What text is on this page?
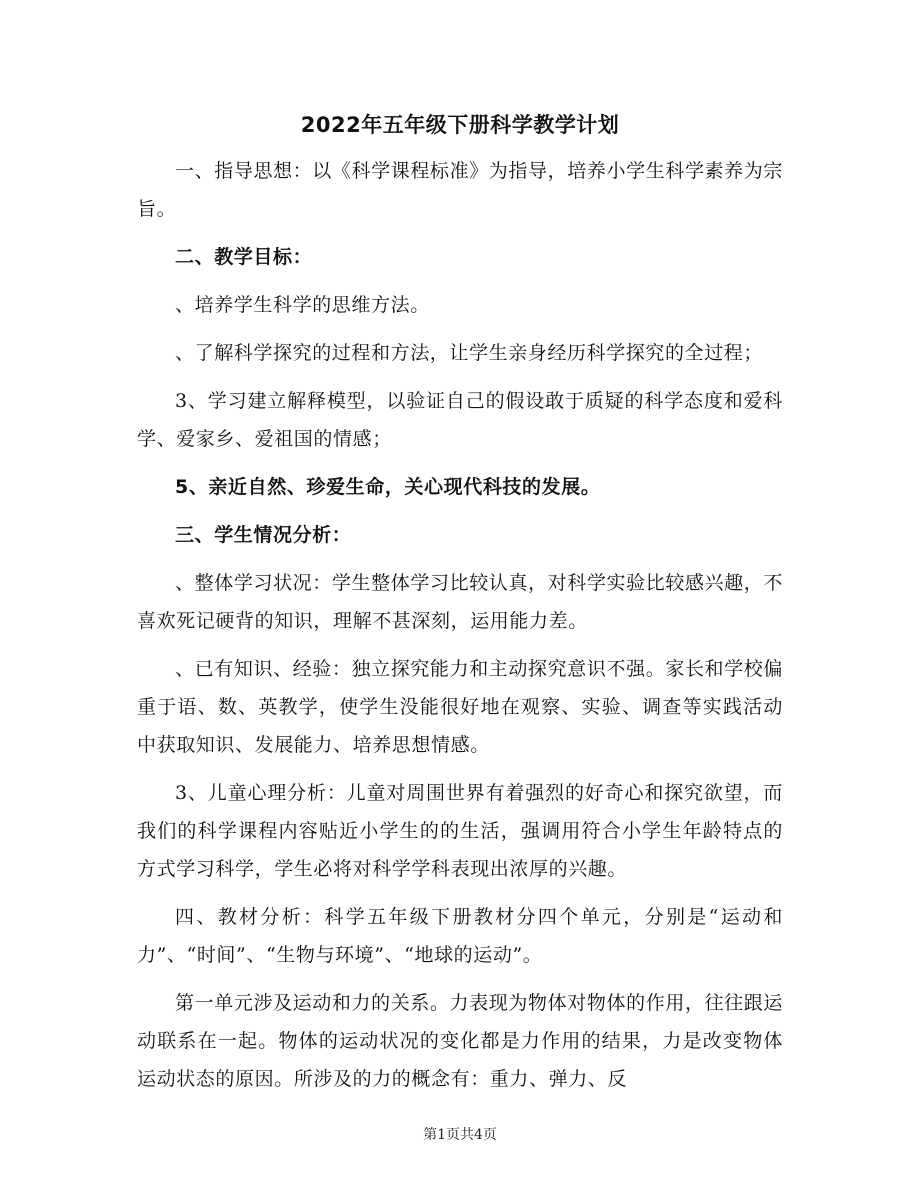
2022年五年级下册科学教学计划

一、指导思想：以《科学课程标准》为指导，培养小学生科学素养为宗旨。

二、教学目标：

、培养学生科学的思维方法。

、了解科学探究的过程和方法，让学生亲身经历科学探究的全过程；

3、学习建立解释模型，以验证自己的假设敢于质疑的科学态度和爱科学、爱家乡、爱祖国的情感；

5、亲近自然、珍爱生命，关心现代科技的发展。

三、学生情况分析：

、整体学习状况：学生整体学习比较认真，对科学实验比较感兴趣，不喜欢死记硬背的知识，理解不甚深刻，运用能力差。

、已有知识、经验：独立探究能力和主动探究意识不强。家长和学校偏重于语、数、英教学，使学生没能很好地在观察、实验、调查等实践活动中获取知识、发展能力、培养思想情感。

3、儿童心理分析：儿童对周围世界有着强烈的好奇心和探究欲望，而我们的科学课程内容贴近小学生的的生活，强调用符合小学生年龄特点的方式学习科学，学生必将对科学学科表现出浓厚的兴趣。

四、教材分析：科学五年级下册教材分四个单元，分别是“运动和力”、“时间”、“生物与环境”、“地球的运动”。

第一单元涉及运动和力的关系。力表现为物体对物体的作用，往往跟运动联系在一起。物体的运动状况的变化都是力作用的结果，力是改变物体运动状态的原因。所涉及的力的概念有：重力、弹力、反

第1页共4页
